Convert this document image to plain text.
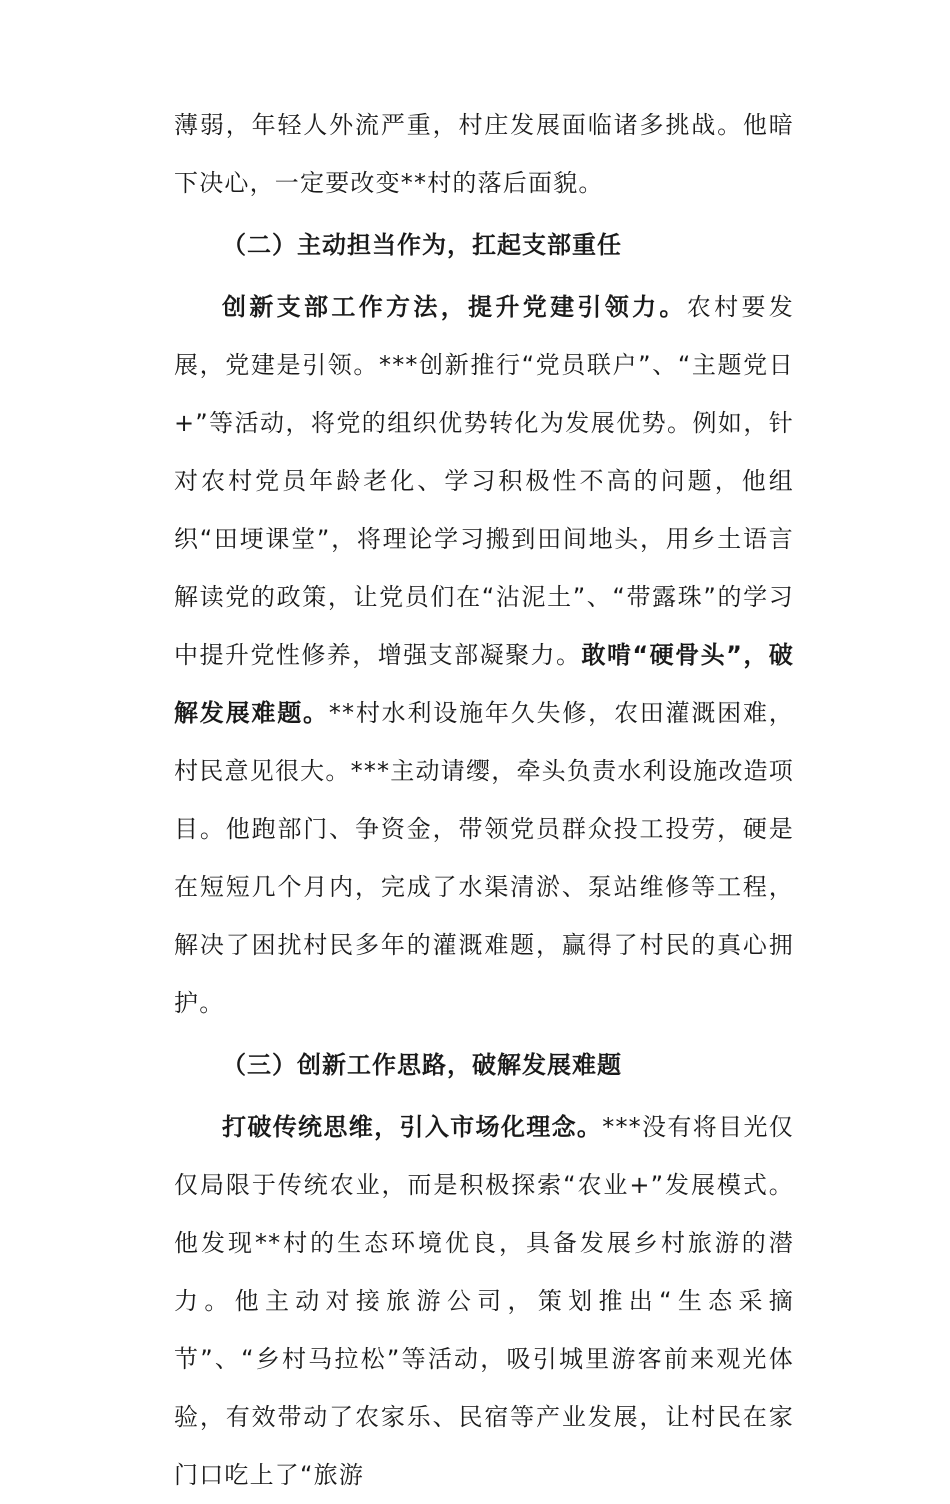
薄弱，年轻人外流严重，村庄发展面临诸多挑战。他暗下决心，一定要改变**村的落后面貌。

（二）主动担当作为，扛起支部重任

创新支部工作方法，提升党建引领力。农村要发展，党建是引领。***创新推行“党员联户”、“主题党日+”等活动，将党的组织优势转化为发展优势。例如，针对农村党员年龄老化、学习积极性不高的问题，他组织“田埂课堂”，将理论学习搬到田间地头，用乡土语言解读党的政策，让党员们在“沾泥土”、“带露珠”的学习中提升党性修养，增强支部凝聚力。敢啃“硬骨头”，破解发展难题。**村水利设施年久失修，农田灌溉困难，村民意见很大。***主动请缨，牵头负责水利设施改造项目。他跑部门、争资金，带领党员群众投工投劳，硬是在短短几个月内，完成了水渠清淤、泵站维修等工程，解决了困扰村民多年的灌溉难题，赢得了村民的真心拥护。

（三）创新工作思路，破解发展难题

打破传统思维，引入市场化理念。***没有将目光仅仅局限于传统农业，而是积极探索“农业+”发展模式。他发现**村的生态环境优良，具备发展乡村旅游的潜力。他主动对接旅游公司，策划推出“生态采摘节”、“乡村马拉松”等活动，吸引城里游客前来观光体验，有效带动了农家乐、民宿等产业发展，让村民在家门口吃上了“旅游
